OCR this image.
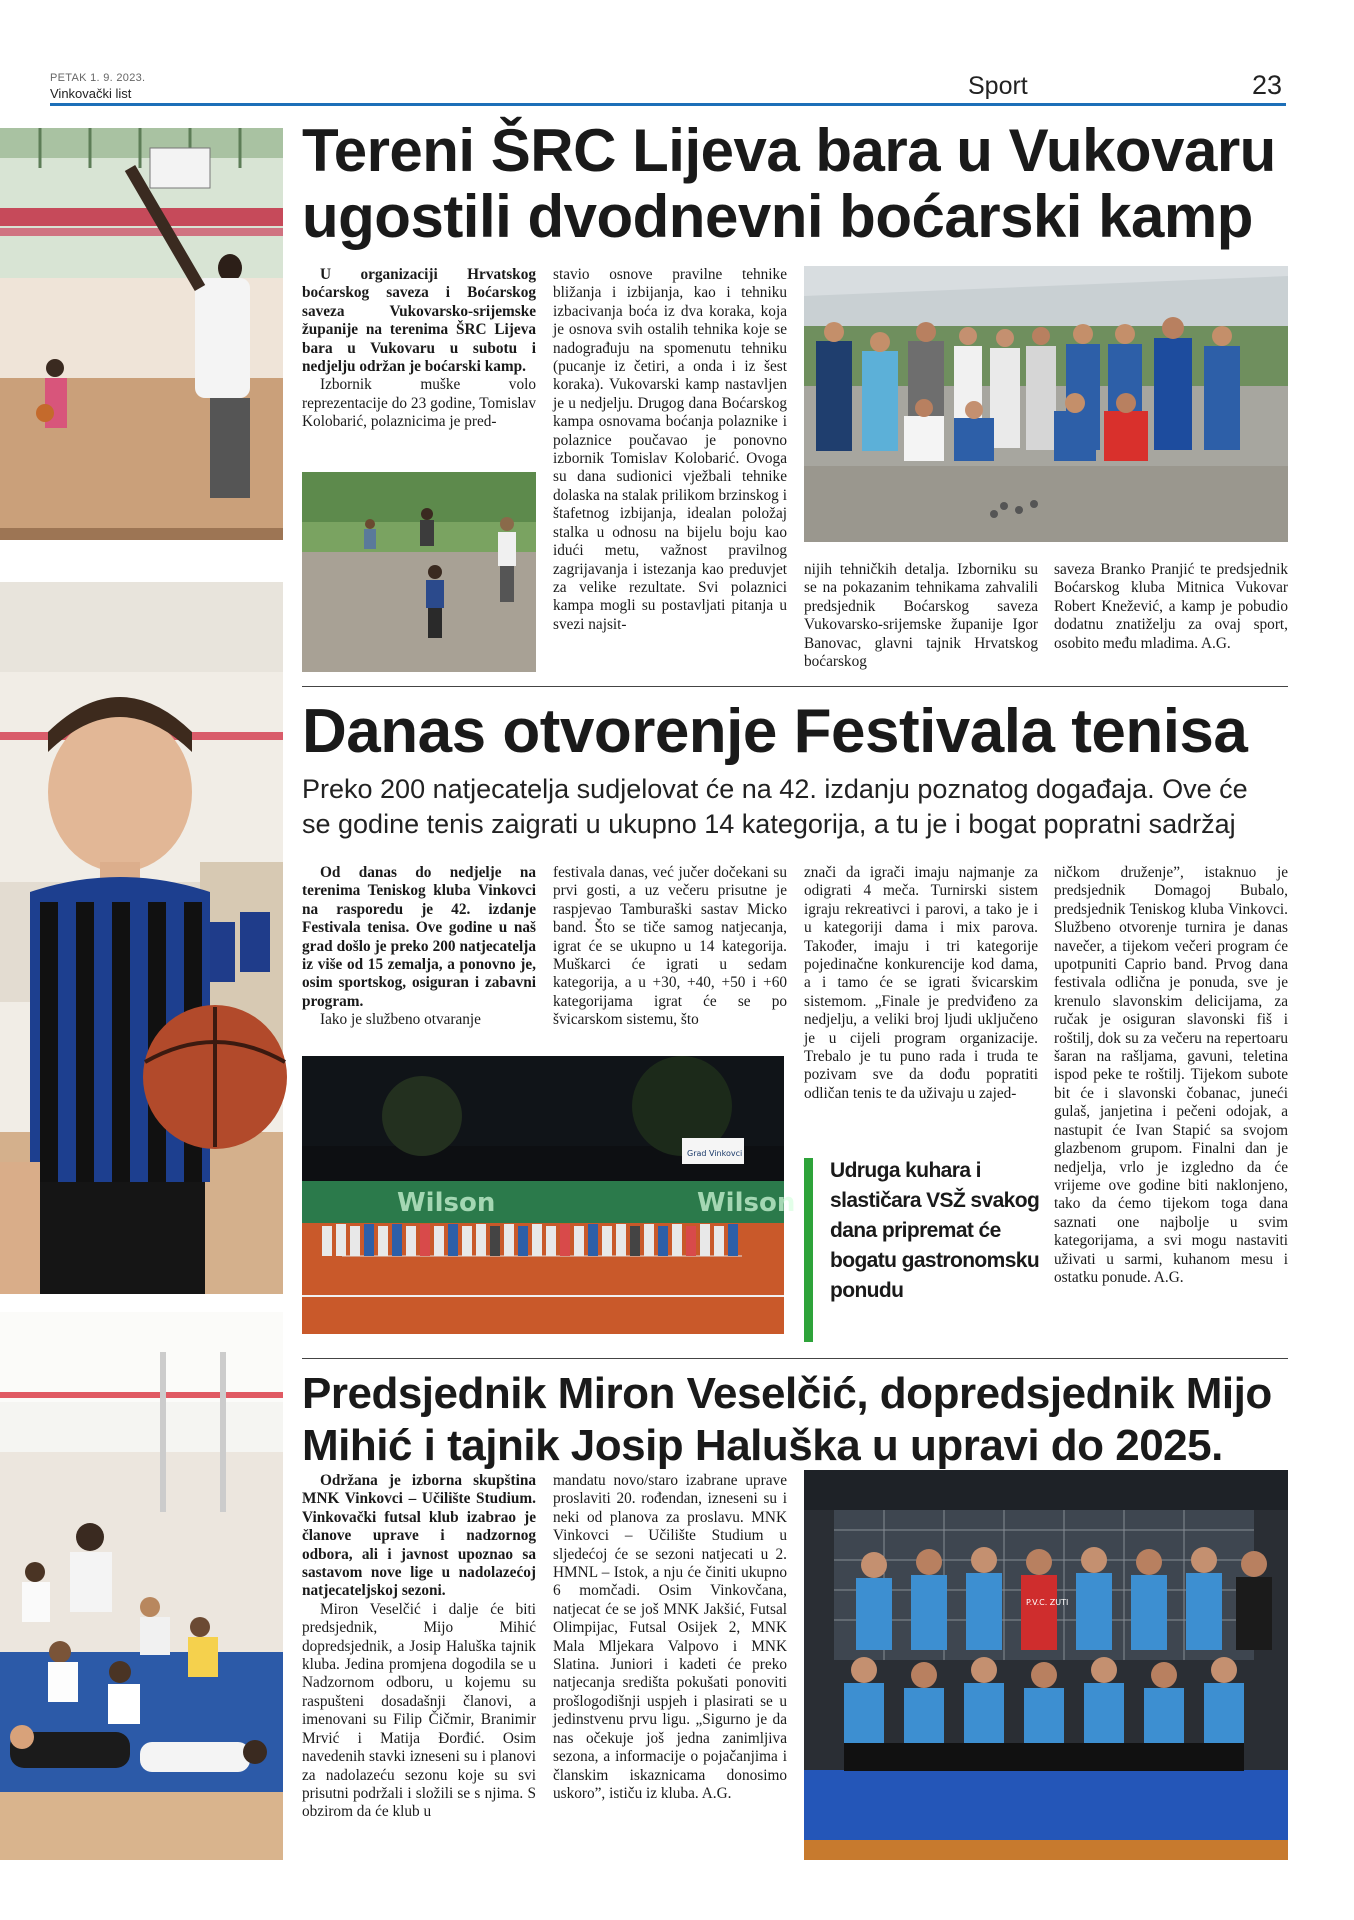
PETAK 1. 9. 2023.
Vinkovački list	Sport	23
Tereni ŠRC Lijeva bara u Vukovaru
ugostili dvodnevni boćarski kamp

U organizaciji Hrvatskog boćarskog saveza i Boćarskog saveza Vukovarsko-srijemske županije na terenima ŠRC Lijeva bara u Vukovaru u subotu i nedjelju održan je boćarski kamp.

Izbornik muške volo reprezentacije do 23 godine, Tomislav Kolobarić, polaznicima je pred-

stavio osnove pravilne tehnike bližanja i izbijanja, kao i tehniku izbacivanja boća iz dva koraka, koja je osnova svih ostalih tehnika koje se nadograđuju na spomenutu tehniku (pucanje iz četiri, a onda i iz šest koraka). Vukovarski kamp nastavljen je u nedjelju. Drugog dana Boćarskog kampa osnovama boćanja polaznike i polaznice poučavao je ponovno izbornik Tomislav Kolobarić. Ovoga su dana sudionici vježbali tehnike dolaska na stalak prilikom brzinskog i štafetnog izbijanja, idealan položaj stalka u odnosu na bijelu boju kao idući metu, važnost pravilnog zagrijavanja i istezanja kao preduvjet za velike rezultate. Svi polaznici kampa mogli su postavljati pitanja u svezi najsit-

nijih tehničkih detalja. Izborniku su se na pokazanim tehnikama zahvalili predsjednik Boćarskog saveza Vukovarsko-srijemske županije Igor Banovac, glavni tajnik Hrvatskog boćarskog

saveza Branko Pranjić te predsjednik Boćarskog kluba Mitnica Vukovar Robert Knežević, a kamp je pobudio dodatnu znatiželju za ovaj sport, osobito među mladima. A.G.

Danas otvorenje Festivala tenisa
Preko 200 natjecatelja sudjelovat će na 42. izdanju poznatog događaja. Ove će
se godine tenis zaigrati u ukupno 14 kategorija, a tu je i bogat popratni sadržaj

Od danas do nedjelje na terenima Teniskog kluba Vinkovci na rasporedu je 42. izdanje Festivala tenisa. Ove godine u naš grad došlo je preko 200 natjecatelja iz više od 15 zemalja, a ponovno je, osim sportskog, osiguran i zabavni program.

Iako je službeno otvaranje

festivala danas, već jučer dočekani su prvi gosti, a uz večeru prisutne je raspjevao Tamburaški sastav Micko band. Što se tiče samog natjecanja, igrat će se ukupno u 14 kategorija. Muškarci će igrati u sedam kategorija, a u +30, +40, +50 i +60 kategorijama igrat će se po švicarskom sistemu, što

Wilson	Wilson
Grad Vinkovci

znači da igrači imaju najmanje za odigrati 4 meča. Turnirski sistem igraju rekreativci i parovi, a tako je i u kategoriji dama i mix parova. Također, imaju i tri kategorije pojedinačne konkurencije kod dama, a i tamo će se igrati švicarskim sistemom. „Finale je predviđeno za nedjelju, a veliki broj ljudi uključeno je u cijeli program organizacije. Trebalo je tu puno rada i truda te pozivam sve da dođu popratiti odličan tenis te da uživaju u zajed-

Udruga kuhara i slastičara VSŽ svakog dana pripremat će bogatu gastronomsku ponudu

ničkom druženje”, istaknuo je predsjednik Domagoj Bubalo, predsjednik Teniskog kluba Vinkovci. Službeno otvorenje turnira je danas navečer, a tijekom večeri program će upotpuniti Caprio band. Prvog dana festivala odlična je ponuda, sve je krenulo slavonskim delicijama, za ručak je osiguran slavonski fiš i roštilj, dok su za večeru na repertoaru šaran na rašljama, gavuni, teletina ispod peke te roštilj. Tijekom subote bit će i slavonski čobanac, juneći gulaš, janjetina i pečeni odojak, a nastupit će Ivan Stapić sa svojom glazbenom grupom. Finalni dan je nedjelja, vrlo je izgledno da će vrijeme ove godine biti naklonjeno, tako da ćemo tijekom toga dana saznati one najbolje u svim kategorijama, a svi mogu nastaviti uživati u sarmi, kuhanom mesu i ostatku ponude. A.G.

Predsjednik Miron Veselčić, dopredsjednik Mijo
Mihić i tajnik Josip Haluška u upravi do 2025.

Održana je izborna skupština MNK Vinkovci – Učilište Studium. Vinkovački futsal klub izabrao je članove uprave i nadzornog odbora, ali i javnost upoznao sa sastavom nove lige u nadolazećoj natjecateljskoj sezoni.

Miron Veselčić i dalje će biti predsjednik, Mijo Mihić dopredsjednik, a Josip Haluška tajnik kluba. Jedina promjena dogodila se u Nadzornom odboru, u kojemu su raspušteni dosadašnji članovi, a imenovani su Filip Čičmir, Branimir Mrvić i Matija Đorđić. Osim navedenih stavki izneseni su i planovi za nadolazeću sezonu koje su svi prisutni podržali i složili se s njima. S obzirom da će klub u

mandatu novo/staro izabrane uprave proslaviti 20. rođendan, izneseni su i neki od planova za proslavu. MNK Vinkovci – Učilište Studium u sljedećoj će se sezoni natjecati u 2. HMNL – Istok, a nju će činiti ukupno 6 momčadi. Osim Vinkovčana, natjecat će se još MNK Jakšić, Futsal Olimpijac, Futsal Osijek 2, MNK Mala Mljekara Valpovo i MNK Slatina. Juniori i kadeti će preko natjecanja središta pokušati ponoviti prošlogodišnji uspjeh i plasirati se u jedinstvenu prvu ligu. „Sigurno je da nas očekuje još jedna zanimljiva sezona, a informacije o pojačanjima i članskim iskaznicama donosimo uskoro”, ističu iz kluba. A.G.

P.V.C. ZUTI
